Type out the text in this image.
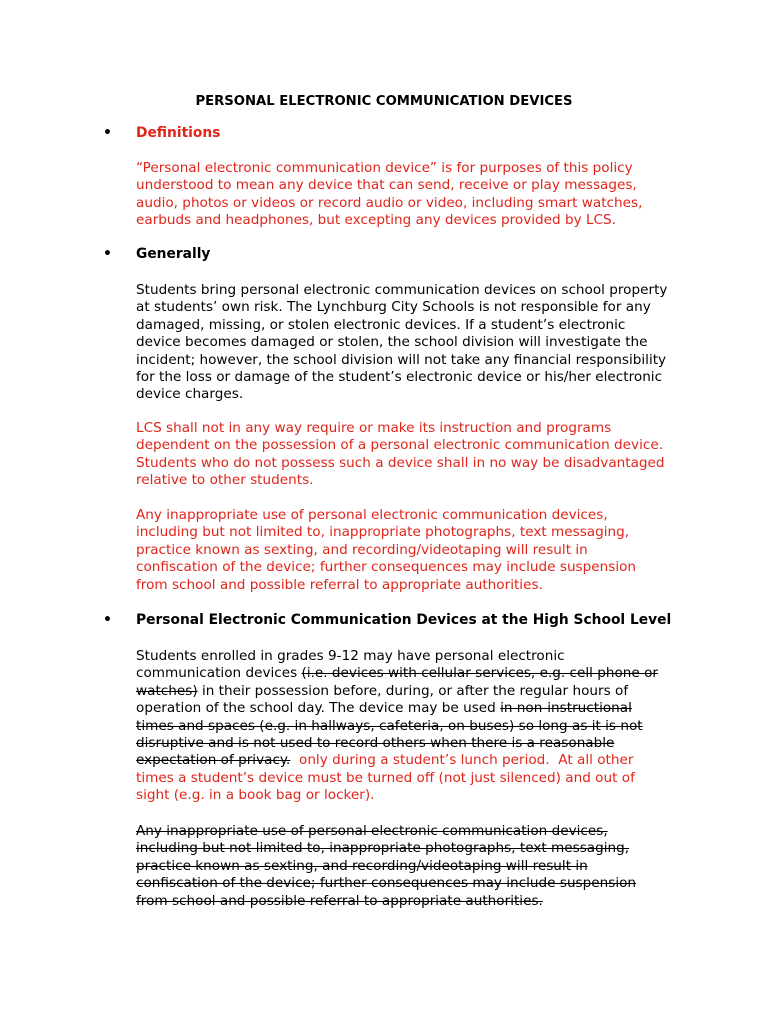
PERSONAL ELECTRONIC COMMUNICATION DEVICES
•	Definitions
“Personal electronic communication device” is for purposes of this policy
understood to mean any device that can send, receive or play messages,
audio, photos or videos or record audio or video, including smart watches,
earbuds and headphones, but excepting any devices provided by LCS.
•	Generally
Students bring personal electronic communication devices on school property
at students’ own risk. The Lynchburg City Schools is not responsible for any
damaged, missing, or stolen electronic devices. If a student’s electronic
device becomes damaged or stolen, the school division will investigate the
incident; however, the school division will not take any financial responsibility
for the loss or damage of the student’s electronic device or his/her electronic
device charges.
LCS shall not in any way require or make its instruction and programs
dependent on the possession of a personal electronic communication device.
Students who do not possess such a device shall in no way be disadvantaged
relative to other students.
Any inappropriate use of personal electronic communication devices,
including but not limited to, inappropriate photographs, text messaging,
practice known as sexting, and recording/videotaping will result in
confiscation of the device; further consequences may include suspension
from school and possible referral to appropriate authorities.
•	Personal Electronic Communication Devices at the High School Level
Students enrolled in grades 9-12 may have personal electronic
communication devices (i.e. devices with cellular services, e.g. cell phone or
watches) in their possession before, during, or after the regular hours of
operation of the school day. The device may be used in non-instructional
times and spaces (e.g. in hallways, cafeteria, on buses) so long as it is not
disruptive and is not used to record others when there is a reasonable
expectation of privacy.  only during a student’s lunch period.  At all other
times a student’s device must be turned off (not just silenced) and out of
sight (e.g. in a book bag or locker).
Any inappropriate use of personal electronic communication devices,
including but not limited to, inappropriate photographs, text messaging,
practice known as sexting, and recording/videotaping will result in
confiscation of the device; further consequences may include suspension
from school and possible referral to appropriate authorities.
